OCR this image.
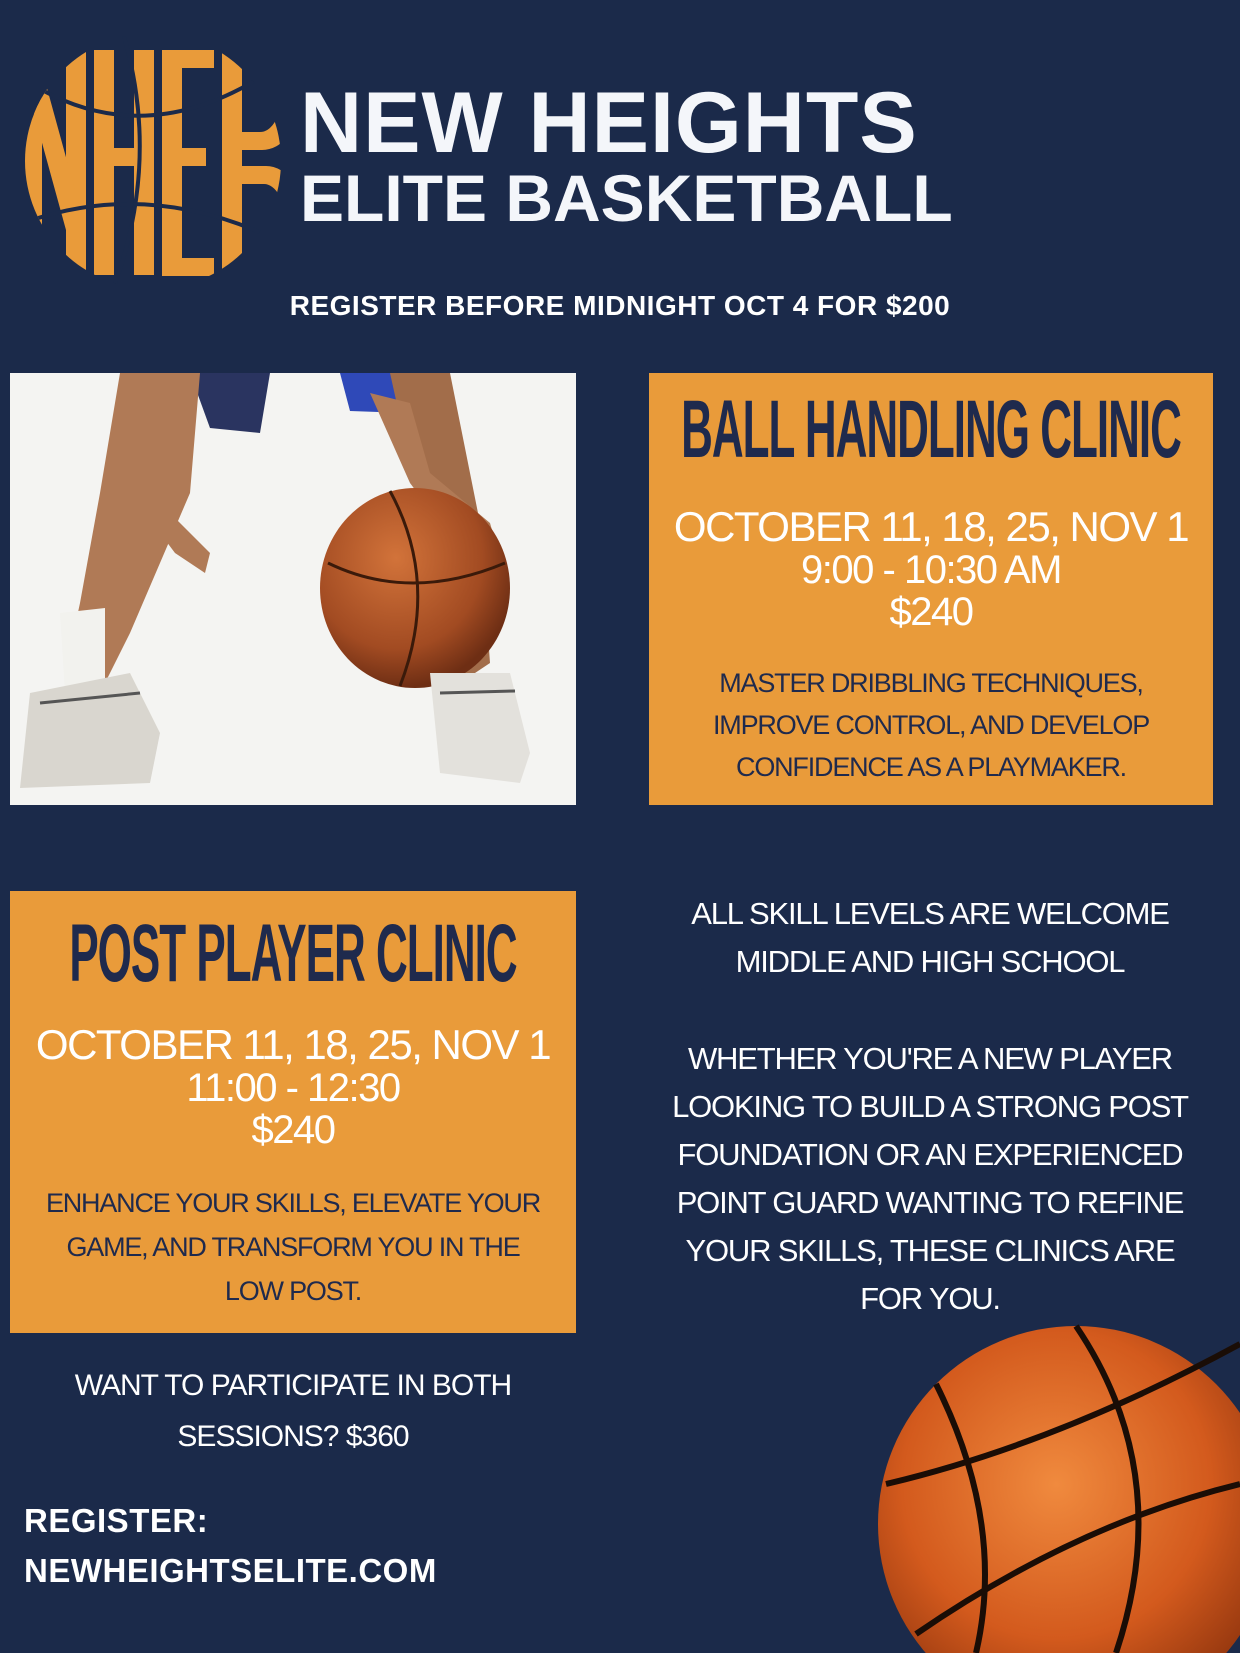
NEW HEIGHTS
ELITE BASKETBALL
REGISTER BEFORE MIDNIGHT OCT 4 FOR $200
BALL HANDLING CLINIC
OCTOBER 11, 18, 25, NOV 1
9:00 - 10:30 AM
$240
MASTER DRIBBLING TECHNIQUES,
IMPROVE CONTROL, AND DEVELOP
CONFIDENCE AS A PLAYMAKER.
POST PLAYER CLINIC
OCTOBER 11, 18, 25, NOV 1
11:00 - 12:30
$240
ENHANCE YOUR SKILLS, ELEVATE YOUR
GAME, AND TRANSFORM YOU IN THE
LOW POST.
ALL SKILL LEVELS ARE WELCOME
MIDDLE AND HIGH SCHOOL
WHETHER YOU'RE A NEW PLAYER
LOOKING TO BUILD A STRONG POST
FOUNDATION OR AN EXPERIENCED
POINT GUARD WANTING TO REFINE
YOUR SKILLS, THESE CLINICS ARE
FOR YOU.
WANT TO PARTICIPATE IN BOTH
SESSIONS? $360
REGISTER:
NEWHEIGHTSELITE.COM
